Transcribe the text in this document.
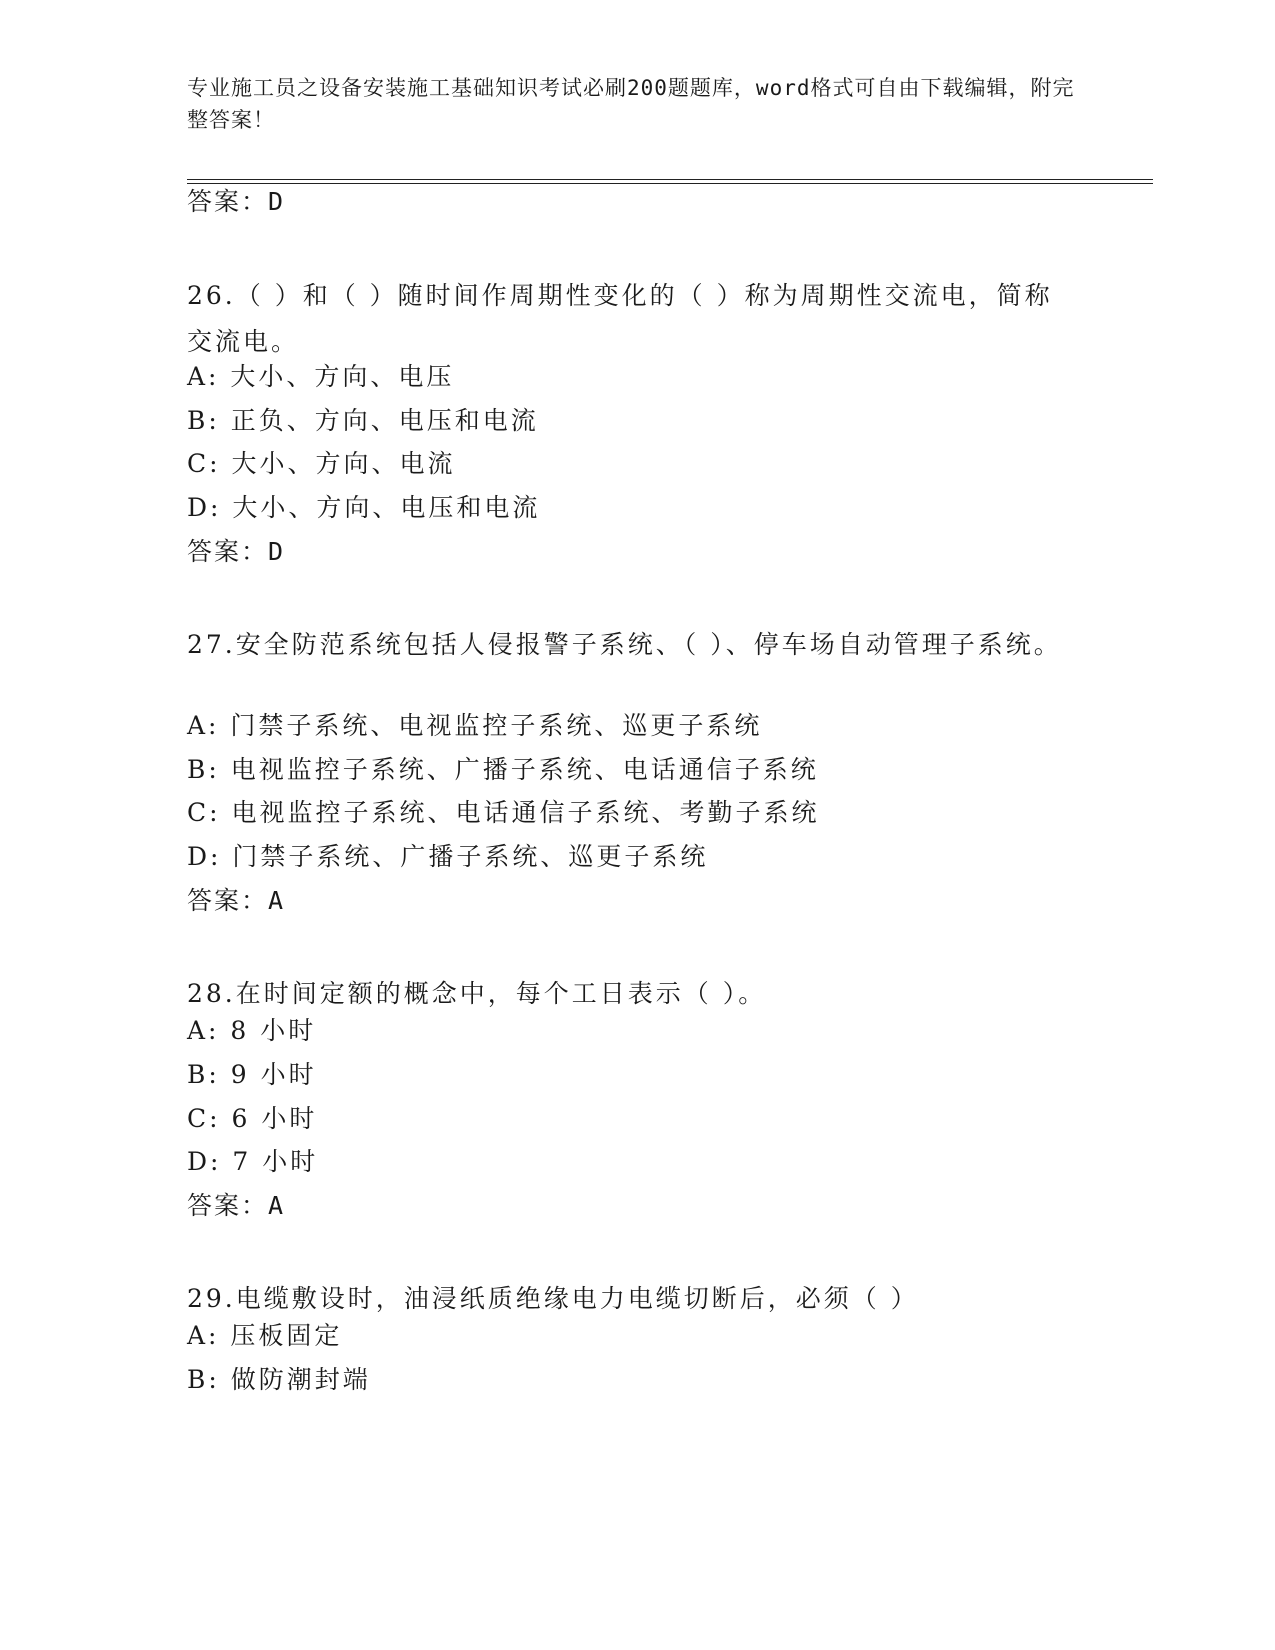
专业施工员之设备安装施工基础知识考试必刷200题题库，word格式可自由下载编辑，附完整答案！
答案：D
26.（ ）和（ ）随时间作周期性变化的（ ）称为周期性交流电，简称交流电。
A: 大小、方向、电压
B: 正负、方向、电压和电流
C: 大小、方向、电流
D: 大小、方向、电压和电流
答案：D
27.安全防范系统包括人侵报警子系统、（ ）、停车场自动管理子系统。
A: 门禁子系统、电视监控子系统、巡更子系统
B: 电视监控子系统、广播子系统、电话通信子系统
C: 电视监控子系统、电话通信子系统、考勤子系统
D: 门禁子系统、广播子系统、巡更子系统
答案：A
28.在时间定额的概念中，每个工日表示（ ）。
A: 8 小时
B: 9 小时
C: 6 小时
D: 7 小时
答案：A
29.电缆敷设时，油浸纸质绝缘电力电缆切断后，必须（ ）
A: 压板固定
B: 做防潮封端
